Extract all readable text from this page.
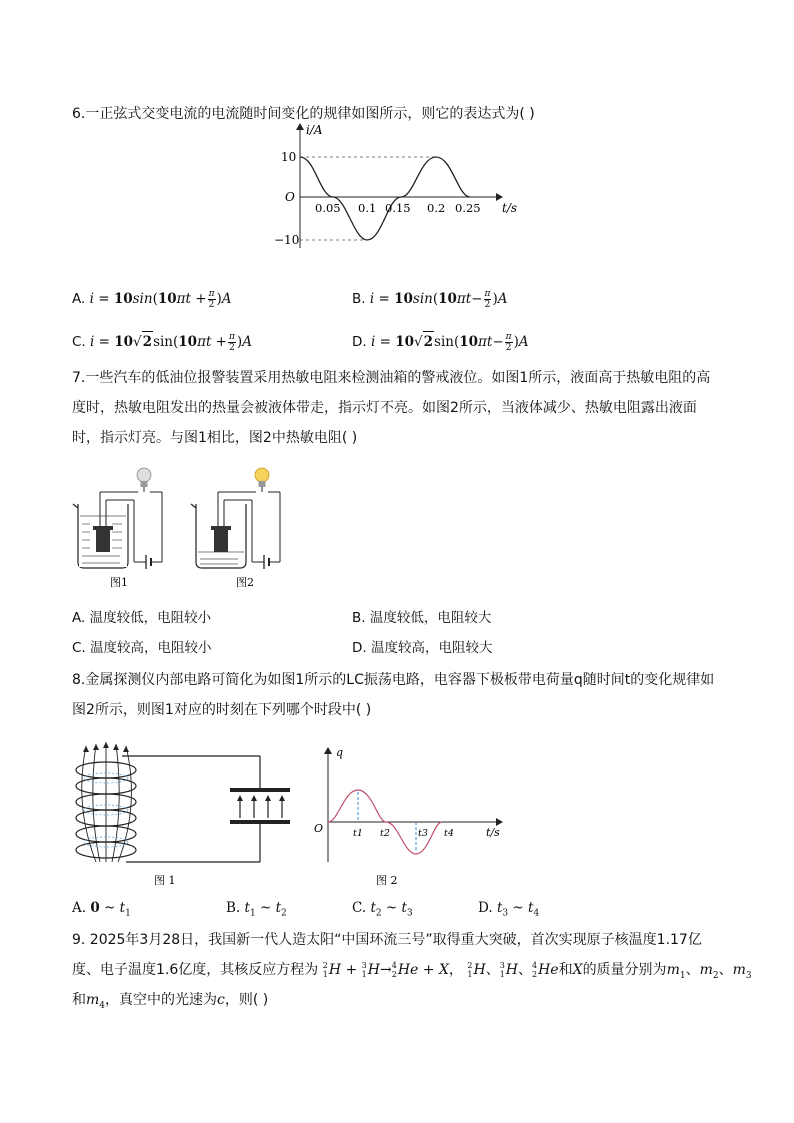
6.一正弦式交变电流的电流随时间变化的规律如图所示，则它的表达式为( )
i/A
10
−10
O
0.05 0.1 0.15 0.2 0.25 t/s
A. $i = 10\sin(10\pi t + \frac{\pi}{2} )A$	B. $i = 10\sin(10\pi t- \frac{\pi}{2} )A$
C. $i = 10√2\sin(10\pi t + \frac{\pi}{2} )A$	D. $i = 10√2\sin(10\pi t- \frac{\pi}{2} )A$
7.一些汽车的低油位报警装置采用热敏电阻来检测油箱的警戒液位。如图1所示，液面高于热敏电阻的高
度时，热敏电阻发出的热量会被液体带走，指示灯不亮。如图2所示，当液体减少、热敏电阻露出液面
时，指示灯亮。与图1相比，图2中热敏电阻( )
图1	图2
A. 温度较低，电阻较小	B. 温度较低，电阻较大
C. 温度较高，电阻较小	D. 温度较高，电阻较大
8.金属探测仪内部电路可简化为如图1所示的LC振荡电路，电容器下极板带电荷量q随时间t的变化规律如
图2所示，则图1对应的时刻在下列哪个时段中( )
图 1
q
O	t1 t2	t3 t4	t/s
图 2
A. 0 ~ $t_1$	B. $t_1$ ~ $t_2$	C. $t_2$ ~ $t_3$	D. $t_3$ ~ $t_4$
9. 2025年3月28日，我国新一代人造太阳“中国环流三号”取得重大突破，首次实现原子核温度1.17亿
度、电子温度1.6亿度，其核反应方程为 2
1 H + 3
1 H→ 4
2 He + X， 2
1 H、 3
1 H、 4
2 He和X的质量分别为$m_1$、$m_2$、$m_3$
和$m_4$，真空中的光速为c，则( )
